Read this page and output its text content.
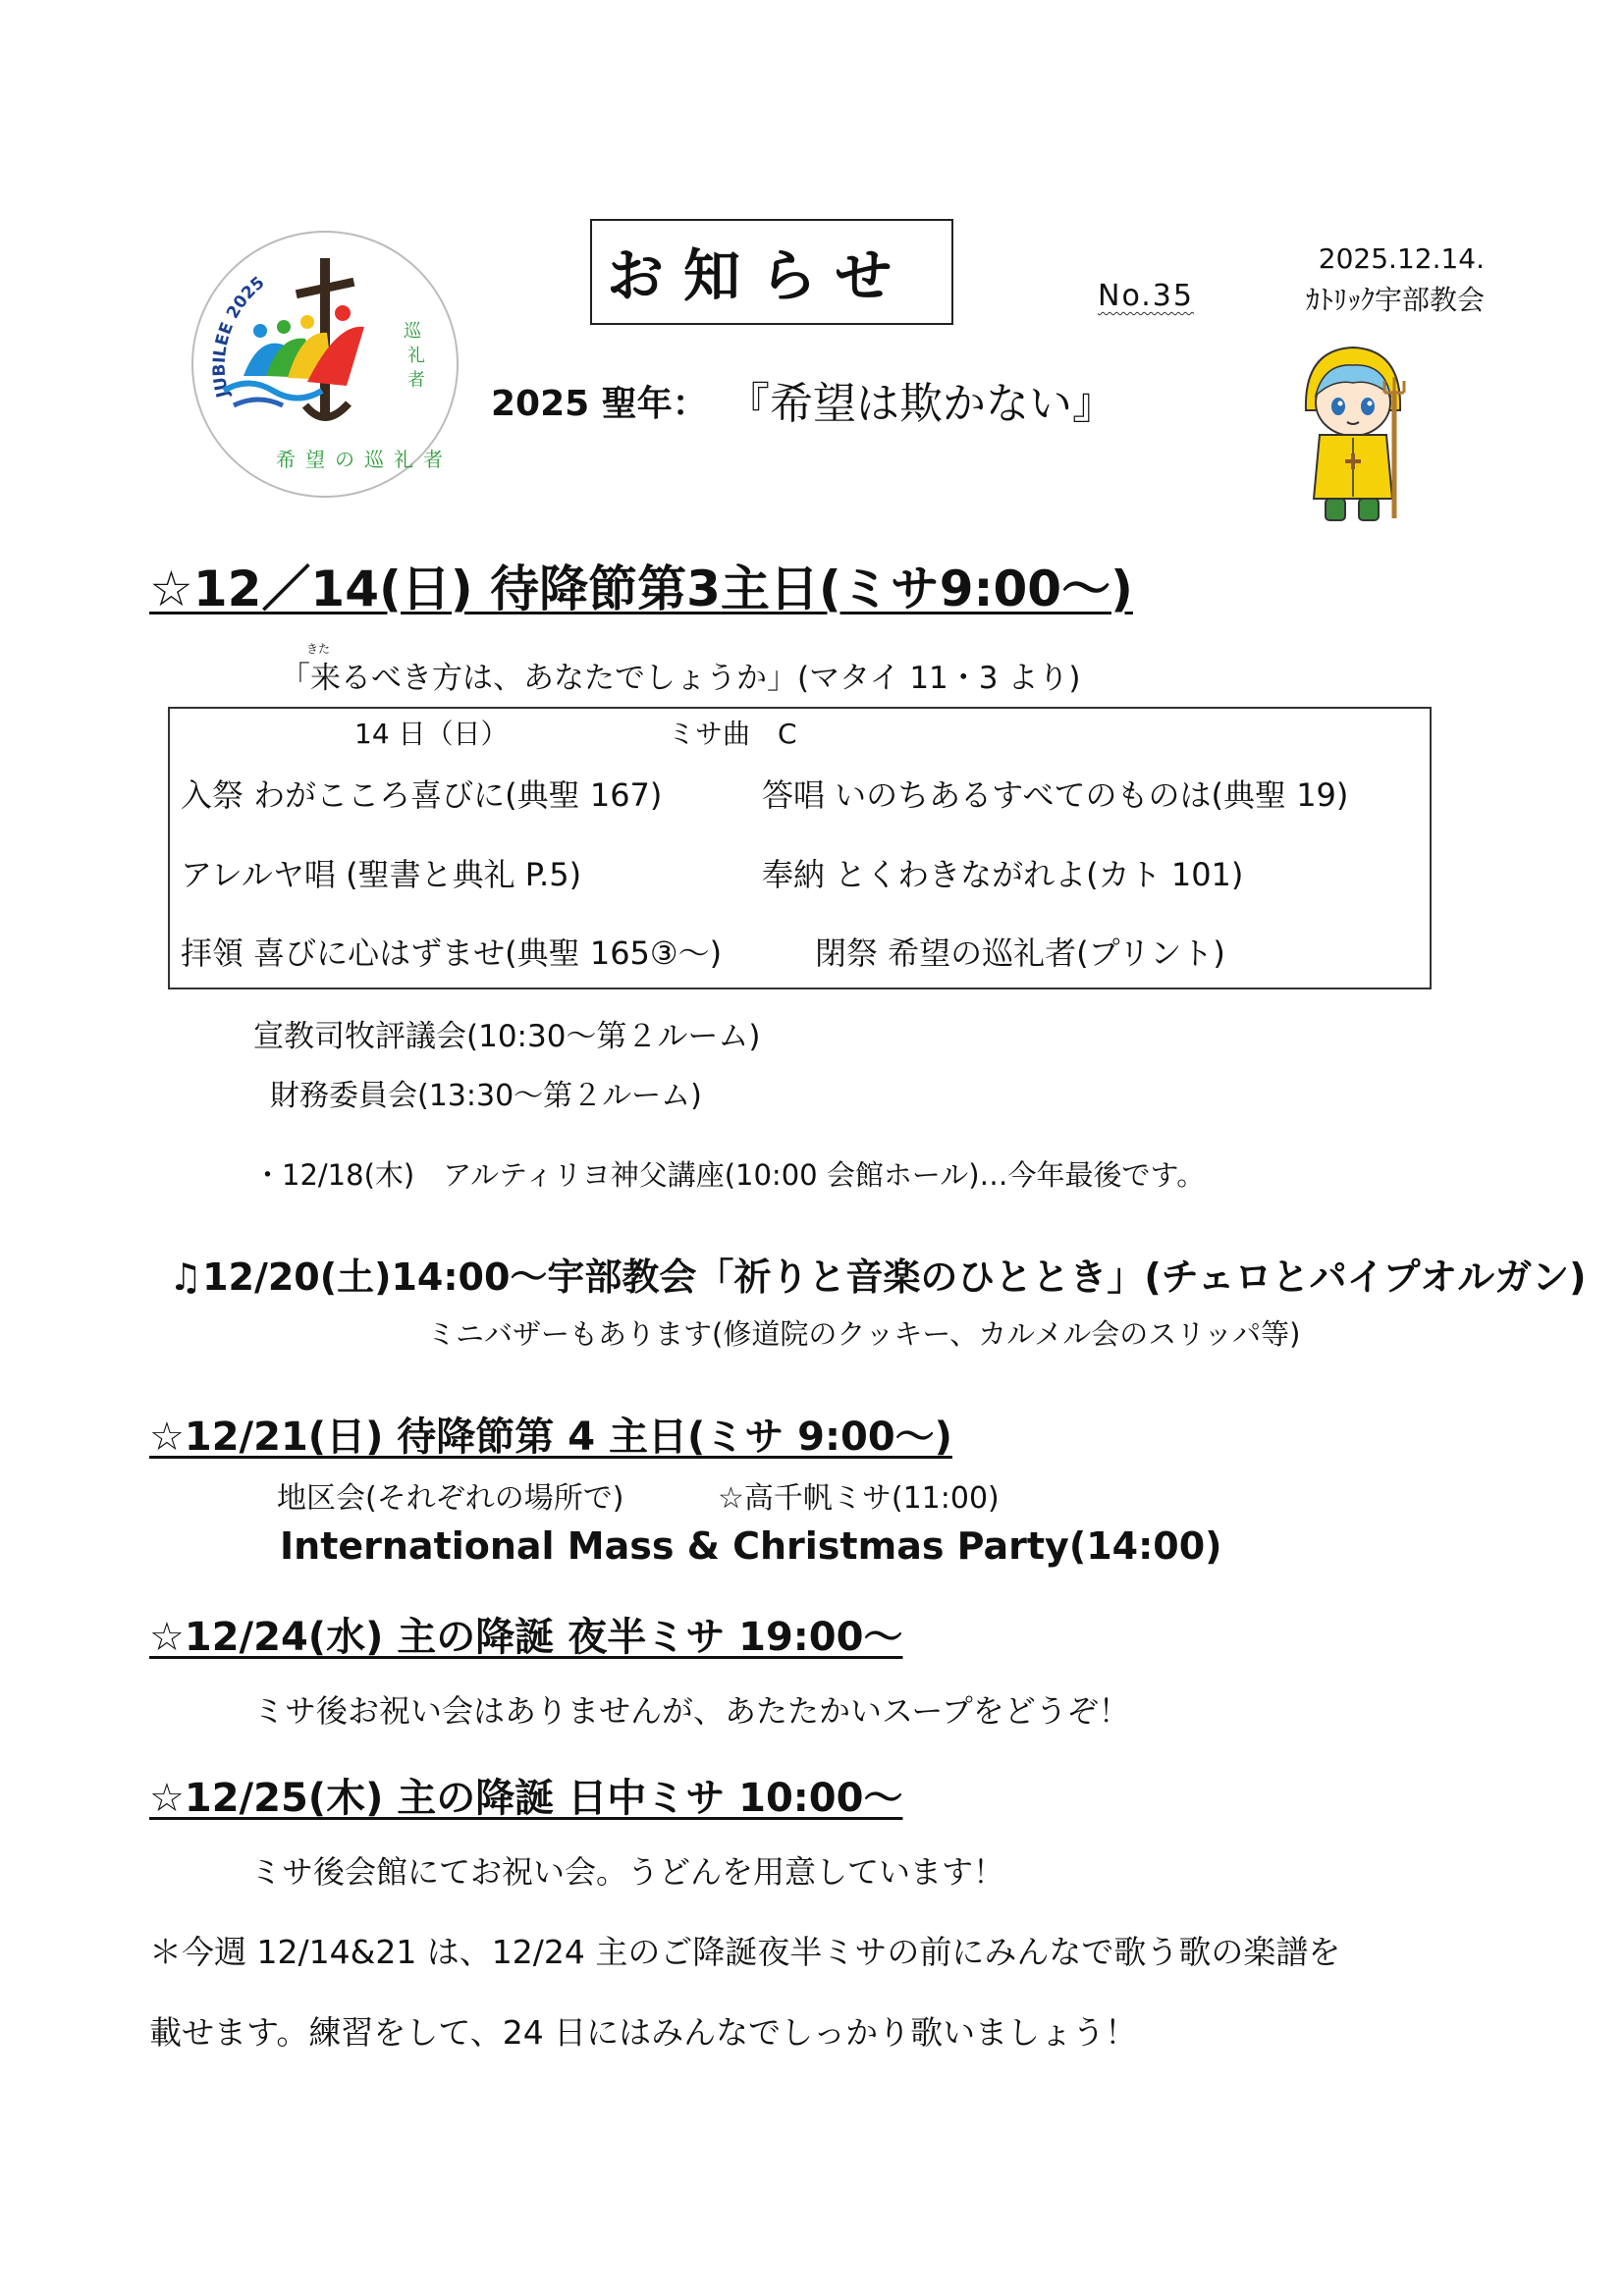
JUBILEE 2025
巡
礼
者
希望の巡礼者
お知らせ	2025.12.14.
No.35	ｶﾄﾘｯｸ宇部教会
2025 聖年： 『希望は欺かない』
☆12／14(日) 待降節第3主日(ミサ9:00～)
きた
「来るべき方は、あなたでしょうか」(マタイ 11・3 より)
14 日（日）	ミサ曲　C
入祭 わがこころ喜びに(典聖 167)	答唱 いのちあるすべてのものは(典聖 19)
アレルヤ唱 (聖書と典礼 P.5)	奉納 とくわきながれよ(カト 101)
拝領 喜びに心はずませ(典聖 165③～)	閉祭 希望の巡礼者(プリント)
宣教司牧評議会(10:30～第２ルーム)
財務委員会(13:30～第２ルーム)
・12/18(木)　アルティリヨ神父講座(10:00 会館ホール)…今年最後です。
♫12/20(土)14:00～宇部教会「祈りと音楽のひととき」(チェロとパイプオルガン)
ミニバザーもあります(修道院のクッキー、カルメル会のスリッパ等)
☆12/21(日) 待降節第 4 主日(ミサ 9:00～)
地区会(それぞれの場所で)	☆高千帆ミサ(11:00)
International Mass & Christmas Party(14:00)
☆12/24(水) 主の降誕 夜半ミサ 19:00～
ミサ後お祝い会はありませんが、あたたかいスープをどうぞ！
☆12/25(木) 主の降誕 日中ミサ 10:00～
ミサ後会館にてお祝い会。うどんを用意しています！
＊今週 12/14&21 は、12/24 主のご降誕夜半ミサの前にみんなで歌う歌の楽譜を
載せます。練習をして、24 日にはみんなでしっかり歌いましょう！
